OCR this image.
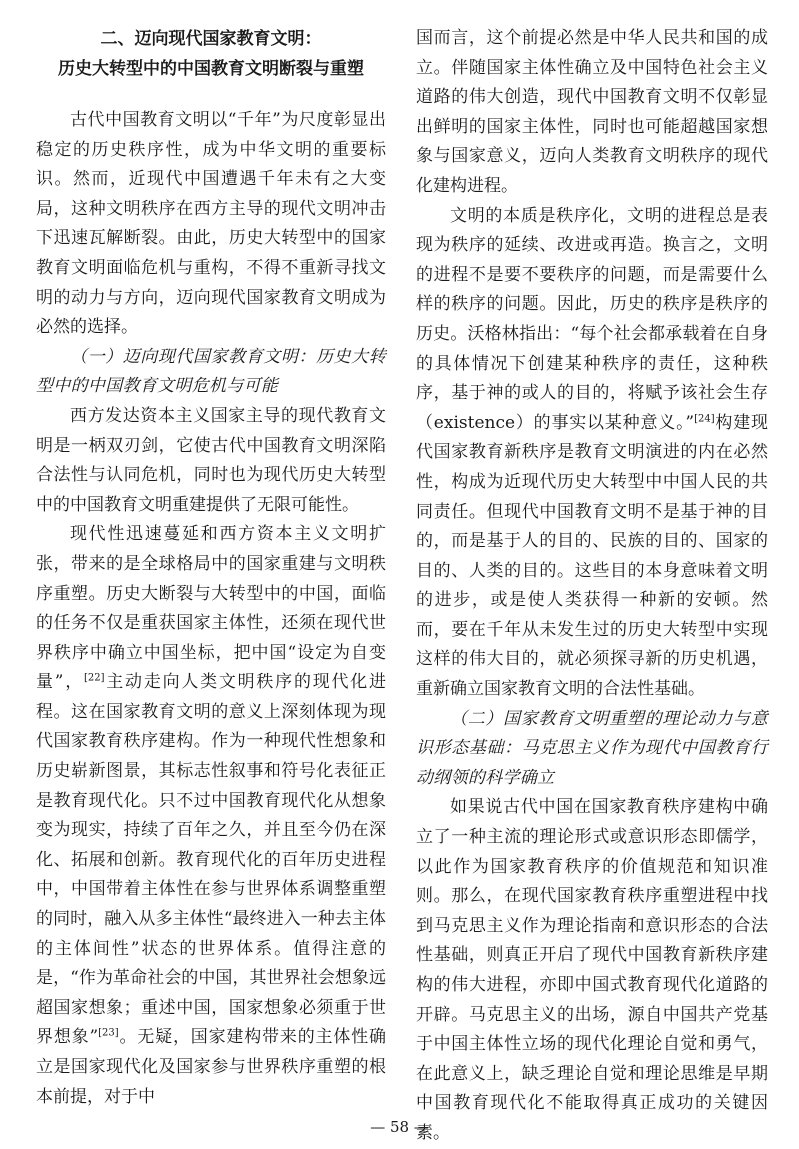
二、迈向现代国家教育文明：

历史大转型中的中国教育文明断裂与重塑

古代中国教育文明以“千年”为尺度彰显出稳定的历史秩序性，成为中华文明的重要标识。然而，近现代中国遭遇千年未有之大变局，这种文明秩序在西方主导的现代文明冲击下迅速瓦解断裂。由此，历史大转型中的国家教育文明面临危机与重构，不得不重新寻找文明的动力与方向，迈向现代国家教育文明成为必然的选择。

（一）迈向现代国家教育文明：历史大转型中的中国教育文明危机与可能

西方发达资本主义国家主导的现代教育文明是一柄双刃剑，它使古代中国教育文明深陷合法性与认同危机，同时也为现代历史大转型中的中国教育文明重建提供了无限可能性。

现代性迅速蔓延和西方资本主义文明扩张，带来的是全球格局中的国家重建与文明秩序重塑。历史大断裂与大转型中的中国，面临的任务不仅是重获国家主体性，还须在现代世界秩序中确立中国坐标，把中国“设定为自变量”，[22]主动走向人类文明秩序的现代化进程。这在国家教育文明的意义上深刻体现为现代国家教育秩序建构。作为一种现代性想象和历史崭新图景，其标志性叙事和符号化表征正是教育现代化。只不过中国教育现代化从想象变为现实，持续了百年之久，并且至今仍在深化、拓展和创新。教育现代化的百年历史进程中，中国带着主体性在参与世界体系调整重塑的同时，融入从多主体性“最终进入一种去主体的主体间性”状态的世界体系。值得注意的是，“作为革命社会的中国，其世界社会想象远超国家想象；重述中国，国家想象必须重于世界想象”[23]。无疑，国家建构带来的主体性确立是国家现代化及国家参与世界秩序重塑的根本前提，对于中

国而言，这个前提必然是中华人民共和国的成立。伴随国家主体性确立及中国特色社会主义道路的伟大创造，现代中国教育文明不仅彰显出鲜明的国家主体性，同时也可能超越国家想象与国家意义，迈向人类教育文明秩序的现代化建构进程。

文明的本质是秩序化，文明的进程总是表现为秩序的延续、改进或再造。换言之，文明的进程不是要不要秩序的问题，而是需要什么样的秩序的问题。因此，历史的秩序是秩序的历史。沃格林指出：“每个社会都承载着在自身的具体情况下创建某种秩序的责任，这种秩序，基于神的或人的目的，将赋予该社会生存（existence）的事实以某种意义。”[24]构建现代国家教育新秩序是教育文明演进的内在必然性，构成为近现代历史大转型中中国人民的共同责任。但现代中国教育文明不是基于神的目的，而是基于人的目的、民族的目的、国家的目的、人类的目的。这些目的本身意味着文明的进步，或是使人类获得一种新的安顿。然而，要在千年从未发生过的历史大转型中实现这样的伟大目的，就必须探寻新的历史机遇，重新确立国家教育文明的合法性基础。

（二）国家教育文明重塑的理论动力与意识形态基础：马克思主义作为现代中国教育行动纲领的科学确立

如果说古代中国在国家教育秩序建构中确立了一种主流的理论形式或意识形态即儒学，以此作为国家教育秩序的价值规范和知识准则。那么，在现代国家教育秩序重塑进程中找到马克思主义作为理论指南和意识形态的合法性基础，则真正开启了现代中国教育新秩序建构的伟大进程，亦即中国式教育现代化道路的开辟。马克思主义的出场，源自中国共产党基于中国主体性立场的现代化理论自觉和勇气，在此意义上，缺乏理论自觉和理论思维是早期中国教育现代化不能取得真正成功的关键因素。

— 58 —
